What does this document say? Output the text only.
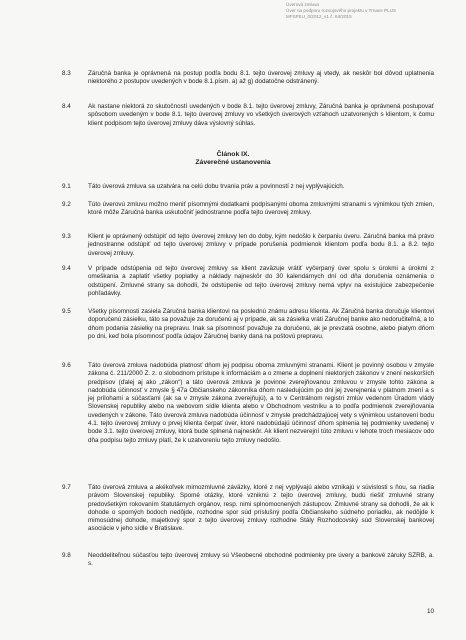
Úverová zmluva
Úver na podporu rozvojového projektu v Trnave PLUS
MFSFEU_0/2012_v1 č. 64/2015
8.3	Záručná banka je oprávnená na postup podľa bodu 8.1. tejto úverovej zmluvy aj vtedy, ak neskôr bol dôvod uplatnenia niektorého z postupov uvedených v bode 8.1.písm. a) až g) dodatočne odstránený.
8.4	Ak nastane niektorá zo skutočností uvedených v bode 8.1. tejto úverovej zmluvy, Záručná banka je oprávnená postupovať spôsobom uvedeným v bode 8.1. tejto úverovej zmluvy vo všetkých úverových vzťahoch uzatvorených s klientom, k čomu klient podpisom tejto úverovej zmluvy dáva výslovný súhlas.
Článok IX.
Záverečné ustanovenia
9.1	Táto úverová zmluva sa uzatvára na celú dobu trvania práv a povinností z nej vyplývajúcich.
9.2	Túto úverovú zmluvu možno meniť písomnými dodatkami podpísanými oboma zmluvnými stranami s výnimkou tých zmien, ktoré môže Záručná banka uskutočniť jednostranne podľa tejto úverovej zmluvy.
9.3	Klient je oprávnený odstúpiť od tejto úverovej zmluvy len do doby, kým nedošlo k čerpaniu úveru. Záručná banka má právo jednostranne odstúpiť od tejto úverovej zmluvy v prípade porušenia podmienok klientom podľa bodu 8.1. a 8.2. tejto úverovej zmluvy.
9.4	V prípade odstúpenia od tejto úverovej zmluvy sa klient zaväzuje vrátiť vyčerpaný úver spolu s úrokmi a úrokmi z omeškania a zaplatiť všetky poplatky a náklady najneskôr do 30 kalendárnych dní od dňa doručenia oznámenia o odstúpení. Zmluvné strany sa dohodli, že odstúpenie od tejto úverovej zmluvy nemá vplyv na existujúce zabezpečenie pohľadávky.
9.5	Všetky písomnosti zasiela Záručná banka klientovi na poslednú známu adresu klienta. Ak Záručná banka doručuje klientovi doporučenú zásielku, táto sa považuje za doručenú aj v prípade, ak sa zásielka vráti Záručnej banke ako nedoručiteľná, a to dňom podania zásielky na prepravu. Inak sa písomnosť považuje za doručenú, ak je prevzatá osobne, alebo piatym dňom po dni, keď bola písomnosť podľa údajov Záručnej banky daná na poštovú prepravu.
9.6	Táto úverová zmluva nadobúda platnosť dňom jej podpisu oboma zmluvnými stranami. Klient je povinný osobou v zmysle zákona č. 211/2000 Z. z. o slobodnom prístupe k informáciám a o zmene a doplnení niektorých zákonov v znení neskorších predpisov (ďalej aj ako „zákon“) a táto úverová zmluva je povinne zverejňovanou zmluvou v zmysle tohto zákona a nadobúda účinnosť v zmysle § 47a Občianskeho zákonníka dňom nasledujúcim po dni jej zverejnenia v platnom znení a s jej prílohami a súčasťami (ak sa v zmysle zákona zverejňujú), a to v Centrálnom registri zmlúv vedenom Úradom vlády Slovenskej republiky alebo na webovom sídle klienta alebo v Obchodnom vestníku a to podľa podmienok zverejňovania uvedených v zákone. Táto úverová zmluva nadobúda účinnosť v zmysle predchádzajúcej vety s výnimkou ustanovení bodu 4.1. tejto úverovej zmluvy o prvej klienta čerpať úver, ktoré nadobúdajú účinnosť dňom splnenia tej podmienky uvedenej v bode 3.1. tejto úverovej zmluvy, ktorá bude splnená najneskôr. Ak klient nezverejní túto zmluvu v lehote troch mesiacov odo dňa podpisu tejto zmluvy platí, že k uzatvoreniu tejto zmluvy nedošlo.
9.7	Táto úverová zmluva a akékoľvek mimozmluvné záväzky, ktoré z nej vyplývajú alebo vznikajú v súvislosti s ňou, sa riadia právom Slovenskej republiky. Spomé otázky, ktoré vzniknú z tejto úverovej zmluvy, budú riešiť zmluvné strany predovšetkým rokovaním štatutárnych orgánov, resp. nimi splnomocnených zástupcov. Zmluvné strany sa dohodli, že ak k dohode o sporných bodoch nedôjde, rozhodne spor súd príslušný podľa Občianskeho súdneho poriadku, ak nedôjde k mimosúdnej dohode, majetkový spor z tejto úverovej zmluvy rozhodne Stály Rozhodcovský súd Slovenskej bankovej asociácie v jeho sídle v Bratislave.
9.8	Neoddeliteľnou súčasťou tejto úverovej zmluvy sú Všeobecné obchodné podmienky pre úvery a bankové záruky SZRB, a. s.
10
